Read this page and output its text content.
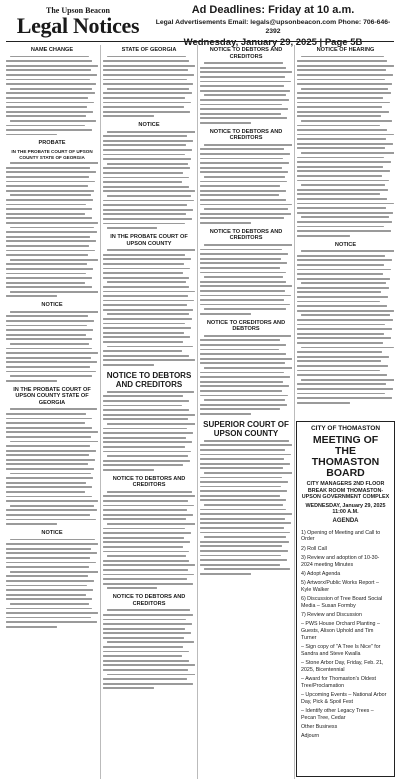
The Upson Beacon
Legal Notices
Ad Deadlines: Friday at 10 a.m.
Legal Advertisements Email: legals@upsonbeacon.com Phone: 706-646-2392
Wednesday, January 29, 2025 | Page 5B
NAME CHANGE
PROBATE
IN THE PROBATE COURT OF UPSON COUNTY STATE OF GEORGIA
NOTICE
IN THE PROBATE COURT OF UPSON COUNTY STATE OF GEORGIA
NOTICE
STATE OF GEORGIA
NOTICE
IN THE PROBATE COURT OF UPSON COUNTY
NOTICE TO DEBTORS AND CREDITORS
NOTICE TO DEBTORS AND CREDITORS
NOTICE TO DEBTORS AND CREDITORS
NOTICE TO DEBTORS AND CREDITORS
NOTICE TO DEBTORS AND CREDITORS
NOTICE TO DEBTORS AND CREDITORS
NOTICE TO CREDITORS AND DEBTORS
SUPERIOR COURT OF UPSON COUNTY
NOTICE OF HEARING
NOTICE
CITY OF THOMASTON
MEETING OF THE
THOMASTON BOARD
CITY MANAGERS 2ND FLOOR BREAK ROOM THOMASTON-UPSON GOVERNMENT COMPLEX
WEDNESDAY, January 29, 2025
11:00 A.M.
AGENDA
1) Opening of Meeting and Call to Order
2) Roll Call
3) Review and adoption of 10-30-2024 meeting Minutes
4) Adopt Agenda
5) Artworx/Public Works Report – Kyle Walker
6) Discussion of Tree Board Social Media – Susan Formby
7) Review and Discussion
– PWS House Orchard Planting – Guests, Alison Uphold and Tim Turner
– Sign copy of "A Tree Is Nice" for Sandra and Steve Kwalla
– Stone Arbor Day, Friday, Feb. 21, 2025, Bicentennial
– Award for Thomaston's Oldest Tree/Proclamation
– Upcoming Events – National Arbor Day, Pick & Spoil Fest
– Identify other Legacy Trees – Pecan Tree, Cedar
Other Business
Adjourn
